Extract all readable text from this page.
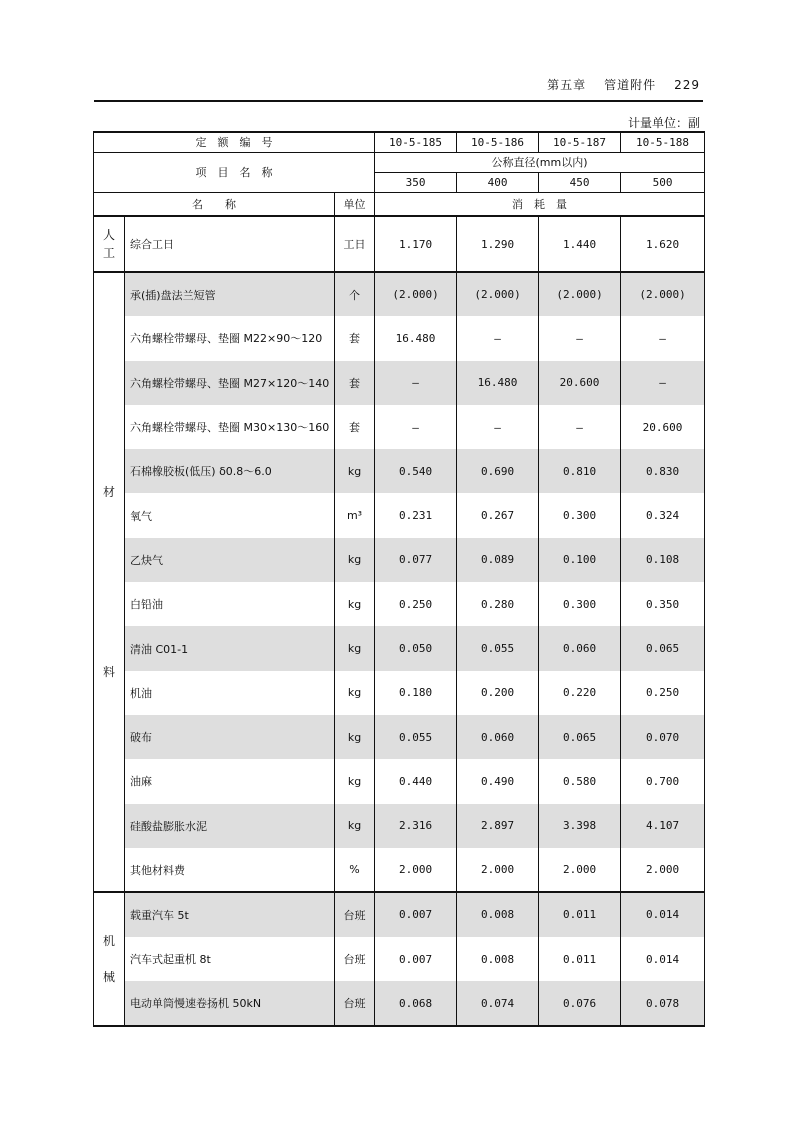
第五章 管道附件 229
计量单位：副
定　额　编　号			10-5-185	10-5-186	10-5-187	10-5-188
项　目　名　称			公称直径(mm以内)			
			350	400	450	500
名　　称		单位	消　耗　量			
人
工	综合工日	工日	1.170	1.290	1.440	1.620
材

料	承(插)盘法兰短管	个	(2.000)	(2.000)	(2.000)	(2.000)
	六角螺栓带螺母、垫圈 M22×90～120	套	16.480	—	—	—
	六角螺栓带螺母、垫圈 M27×120～140	套	—	16.480	20.600	—
	六角螺栓带螺母、垫圈 M30×130～160	套	—	—	—	20.600
	石棉橡胶板(低压) δ0.8～6.0	kg	0.540	0.690	0.810	0.830
	氧气	m³	0.231	0.267	0.300	0.324
	乙炔气	kg	0.077	0.089	0.100	0.108
	白铅油	kg	0.250	0.280	0.300	0.350
	清油 C01-1	kg	0.050	0.055	0.060	0.065
	机油	kg	0.180	0.200	0.220	0.250
	破布	kg	0.055	0.060	0.065	0.070
	油麻	kg	0.440	0.490	0.580	0.700
	硅酸盐膨胀水泥	kg	2.316	2.897	3.398	4.107
	其他材料费	%	2.000	2.000	2.000	2.000
机

械	载重汽车 5t	台班	0.007	0.008	0.011	0.014
	汽车式起重机 8t	台班	0.007	0.008	0.011	0.014
	电动单筒慢速卷扬机 50kN	台班	0.068	0.074	0.076	0.078
